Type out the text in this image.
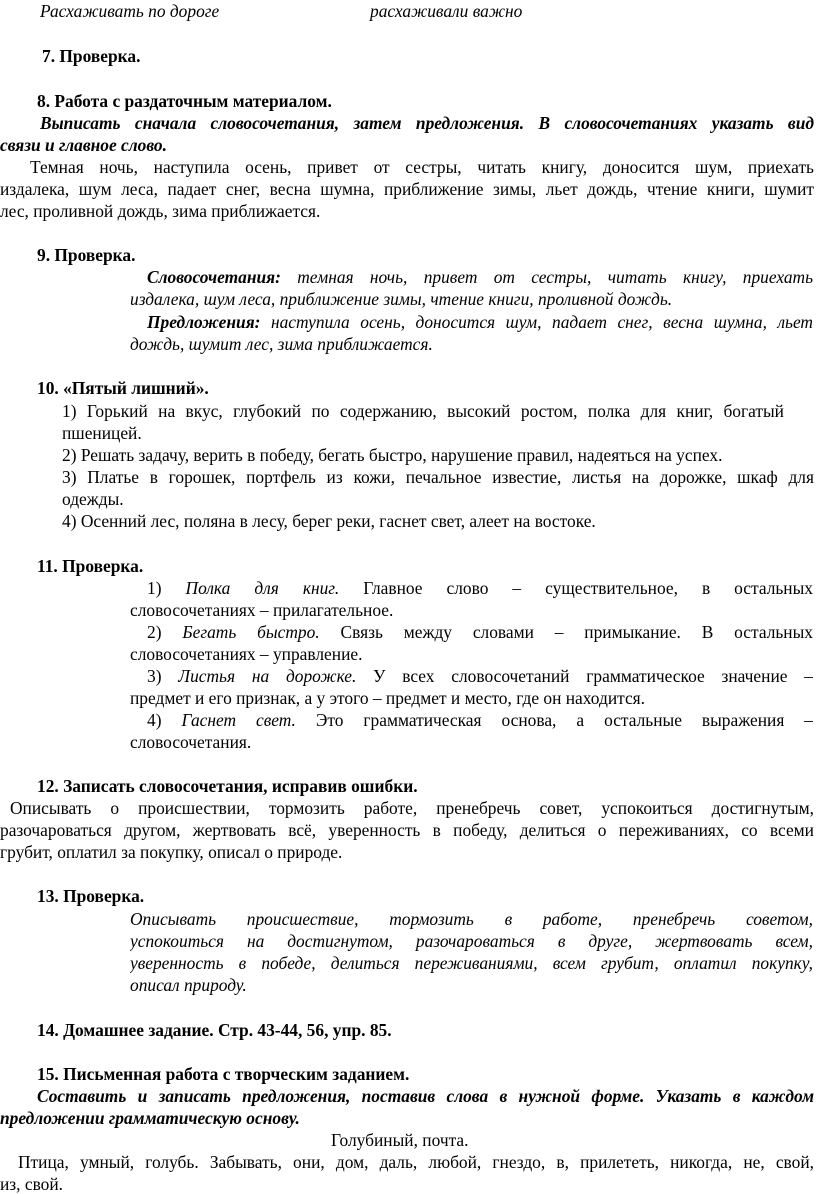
Расхаживать по дороге	расхаживали важно
7. Проверка.
8. Работа с раздаточным материалом.
Выписать сначала словосочетания, затем предложения. В словосочетаниях указать вид
связи и главное слово.
Темная ночь, наступила осень, привет от сестры, читать книгу, доносится шум, приехать
издалека, шум леса, падает снег, весна шумна, приближение зимы, льет дождь, чтение книги, шумит
лес, проливной дождь, зима приближается.
9. Проверка.
Словосочетания: темная ночь, привет от сестры, читать книгу, приехать
издалека, шум леса, приближение зимы, чтение книги, проливной дождь.
Предложения: наступила осень, доносится шум, падает снег, весна шумна, льет
дождь, шумит лес, зима приближается.
10. «Пятый лишний».
1) Горький на вкус, глубокий по содержанию, высокий ростом, полка для книг, богатый
пшеницей.
2) Решать задачу, верить в победу, бегать быстро, нарушение правил, надеяться на успех.
3) Платье в горошек, портфель из кожи, печальное известие, листья на дорожке, шкаф для
одежды.
4) Осенний лес, поляна в лесу, берег реки, гаснет свет, алеет на востоке.
11. Проверка.
1) Полка для книг. Главное слово – существительное, в остальных
словосочетаниях – прилагательное.
2) Бегать быстро. Связь между словами – примыкание. В остальных
словосочетаниях – управление.
3) Листья на дорожке. У всех словосочетаний грамматическое значение –
предмет и его признак, а у этого – предмет и место, где он находится.
4) Гаснет свет. Это грамматическая основа, а остальные выражения –
словосочетания.
12. Записать словосочетания, исправив ошибки.
Описывать о происшествии, тормозить работе, пренебречь совет, успокоиться достигнутым,
разочароваться другом, жертвовать всё, уверенность в победу, делиться о переживаниях, со всеми
грубит, оплатил за покупку, описал о природе.
13. Проверка.
Описывать происшествие, тормозить в работе, пренебречь советом,
успокоиться на достигнутом, разочароваться в друге, жертвовать всем,
уверенность в победе, делиться переживаниями, всем грубит, оплатил покупку,
описал природу.
14. Домашнее задание. Стр. 43-44, 56, упр. 85.
15. Письменная работа с творческим заданием.
Составить и записать предложения, поставив слова в нужной форме. Указать в каждом
предложении грамматическую основу.
Голубиный, почта.
Птица, умный, голубь. Забывать, они, дом, даль, любой, гнездо, в, прилететь, никогда, не, свой,
из, свой.
